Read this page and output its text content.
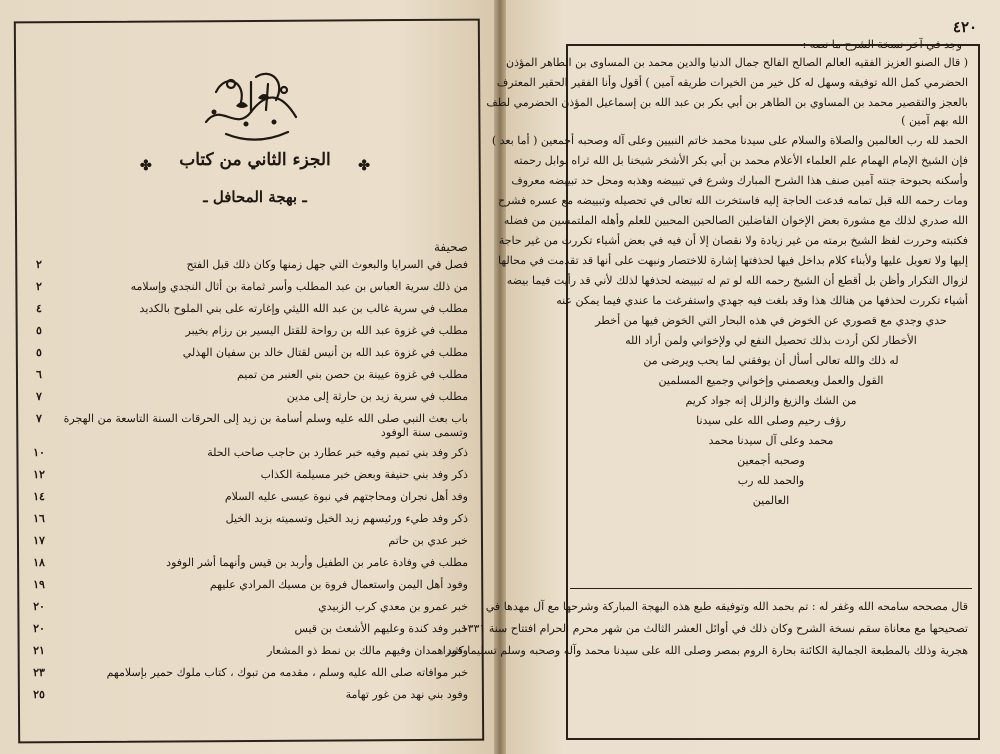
✤ الجزء الثاني من كتاب ✤
ـ بهجة المحافل ـ
صحيفة
فصل في السرايا والبعوث التي جهل زمنها وكان ذلك قبل الفتح
٢
من ذلك سرية العباس بن عبد المطلب وأسر ثمامة بن أثال النجدي وإسلامه
٢
مطلب في سرية غالب بن عبد الله الليثي وإغارته على بني الملوح بالكديد
٤
مطلب في غزوة عبد الله بن رواحة للقتل اليسير بن رزام بخيبر
٥
مطلب في غزوة عبد الله بن أنيس لقتال خالد بن سفيان الهذلي
٥
مطلب في غزوة عيينة بن حصن بني العنبر من تميم
٦
مطلب في سرية زيد بن حارثة إلى مدين
٧
باب بعث النبي صلى الله عليه وسلم أسامة بن زيد إلى الحرقات السنة التاسعة من الهجرة وتسمى سنة الوفود
٧
ذكر وفد بني تميم وفيه خبر عطارد بن حاجب صاحب الحلة
١٠
ذكر وفد بني حنيفة وبعض خبر مسيلمة الكذاب
١٢
وفد أهل نجران ومحاجتهم في نبوة عيسى عليه السلام
١٤
ذكر وفد طيء ورئيسهم زيد الخيل وتسميته بزيد الخيل
١٦
خبر عدي بن حاتم
١٧
مطلب في وفادة عامر بن الطفيل وأربد بن قيس وأنهما أشر الوفود
١٨
وفود أهل اليمن واستعمال فروة بن مسيك المرادي عليهم
١٩
خبر عمرو بن معدي كرب الزبيدي
٢٠
خبر وفد كندة وعليهم الأشعث بن قيس
٢٠
وفود همدان وفيهم مالك بن نمط ذو المشعار
٢١
خبر موافاته صلى الله عليه وسلم ، مقدمه من تبوك ، كتاب ملوك حمير بإسلامهم
٢٣
وفود بني نهد من غور تهامة
٢٥
٤٢٠
وجد في آخر نسخة الشرح ما نصه :
( قال الصنو العزيز الفقيه العالم الصالح الفالح جمال الدنيا والدين محمد بن المساوى بن الطاهر المؤذن
الحضرمي كمل الله توفيقه وسهل له كل خير من الخيرات طريقه آمين ) أقول وأنا الفقير الحقير المعترف
بالعجز والتقصير محمد بن المساوي بن الطاهر بن أبي بكر بن عبد الله بن إسماعيل المؤذن الحضرمي لطف
الله بهم آمين )
الحمد لله رب العالمين والصلاة والسلام على سيدنا محمد خاتم النبيين وعلى آله وصحبه أجمعين ( أما بعد )
فإن الشيخ الإمام الهمام علم العلماء الأعلام محمد بن أبي بكر الأشخر شيخنا بل الله ثراه بوابل رحمته
وأسكنه بحبوحة جنته آمين صنف هذا الشرح المبارك وشرع في تبييضه وهذبه ومحل حد تبييضه معروف
ومات رحمه الله قبل تمامه فدعت الحاجة إليه فاستخرت الله تعالى في تحصيله وتبييضه مع عسره فشرح
الله صدري لذلك مع مشورة بعض الإخوان الفاضلين الصالحين المحبين للعلم وأهله الملتمسين من فضله
فكتبته وحررت لفظ الشيخ برمته من غير زيادة ولا نقصان إلا أن فيه في بعض أشياء تكررت من غير حاجة
إليها ولا تعويل عليها ولأبناء كلام بداخل فيها لحذفتها إشارة للاختصار ونبهت على أنها قد تقدمت في محالها
لزوال التكرار وأظن بل أقطع أن الشيخ رحمه الله لو تم له تبييضه لحذفها لذلك لأني قد رأيت فيما بيضه
أشياء تكررت لحذفها من هنالك هذا وقد بلغت فيه جهدي واستفرغت ما عندي فيما يمكن عنه
حدي وجدي مع قصوري عن الخوض في هذه البحار التي الخوض فيها من أخطر
الأخطار لكن أردت بذلك تحصيل النفع لي ولإخواني ولمن أراد الله
له ذلك والله تعالى أسأل أن يوفقني لما يحب ويرضى من
القول والعمل ويعصمني وإخواني وجميع المسلمين
من الشك والزيغ والزلل إنه جواد كريم
رؤف رحيم وصلى الله على سيدنا
محمد وعلى آل سيدنا محمد
وصحبه أجمعين
والحمد لله رب
العالمين
قال مصححه سامحه الله وغفر له : تم بحمد الله وتوفيقه طبع هذه البهجة المباركة وشرحها مع آل مهدها في
تصحيحها مع معاناة سقم نسخة الشرح وكان ذلك في أوائل العشر الثالث من شهر محرم الحرام افتتاح سنة ١٣٣١
هجرية وذلك بالمطبعة الجمالية الكائنة بحارة الروم بمصر وصلى الله على سيدنا محمد وآله وصحبه وسلم تسليما كثيرا
